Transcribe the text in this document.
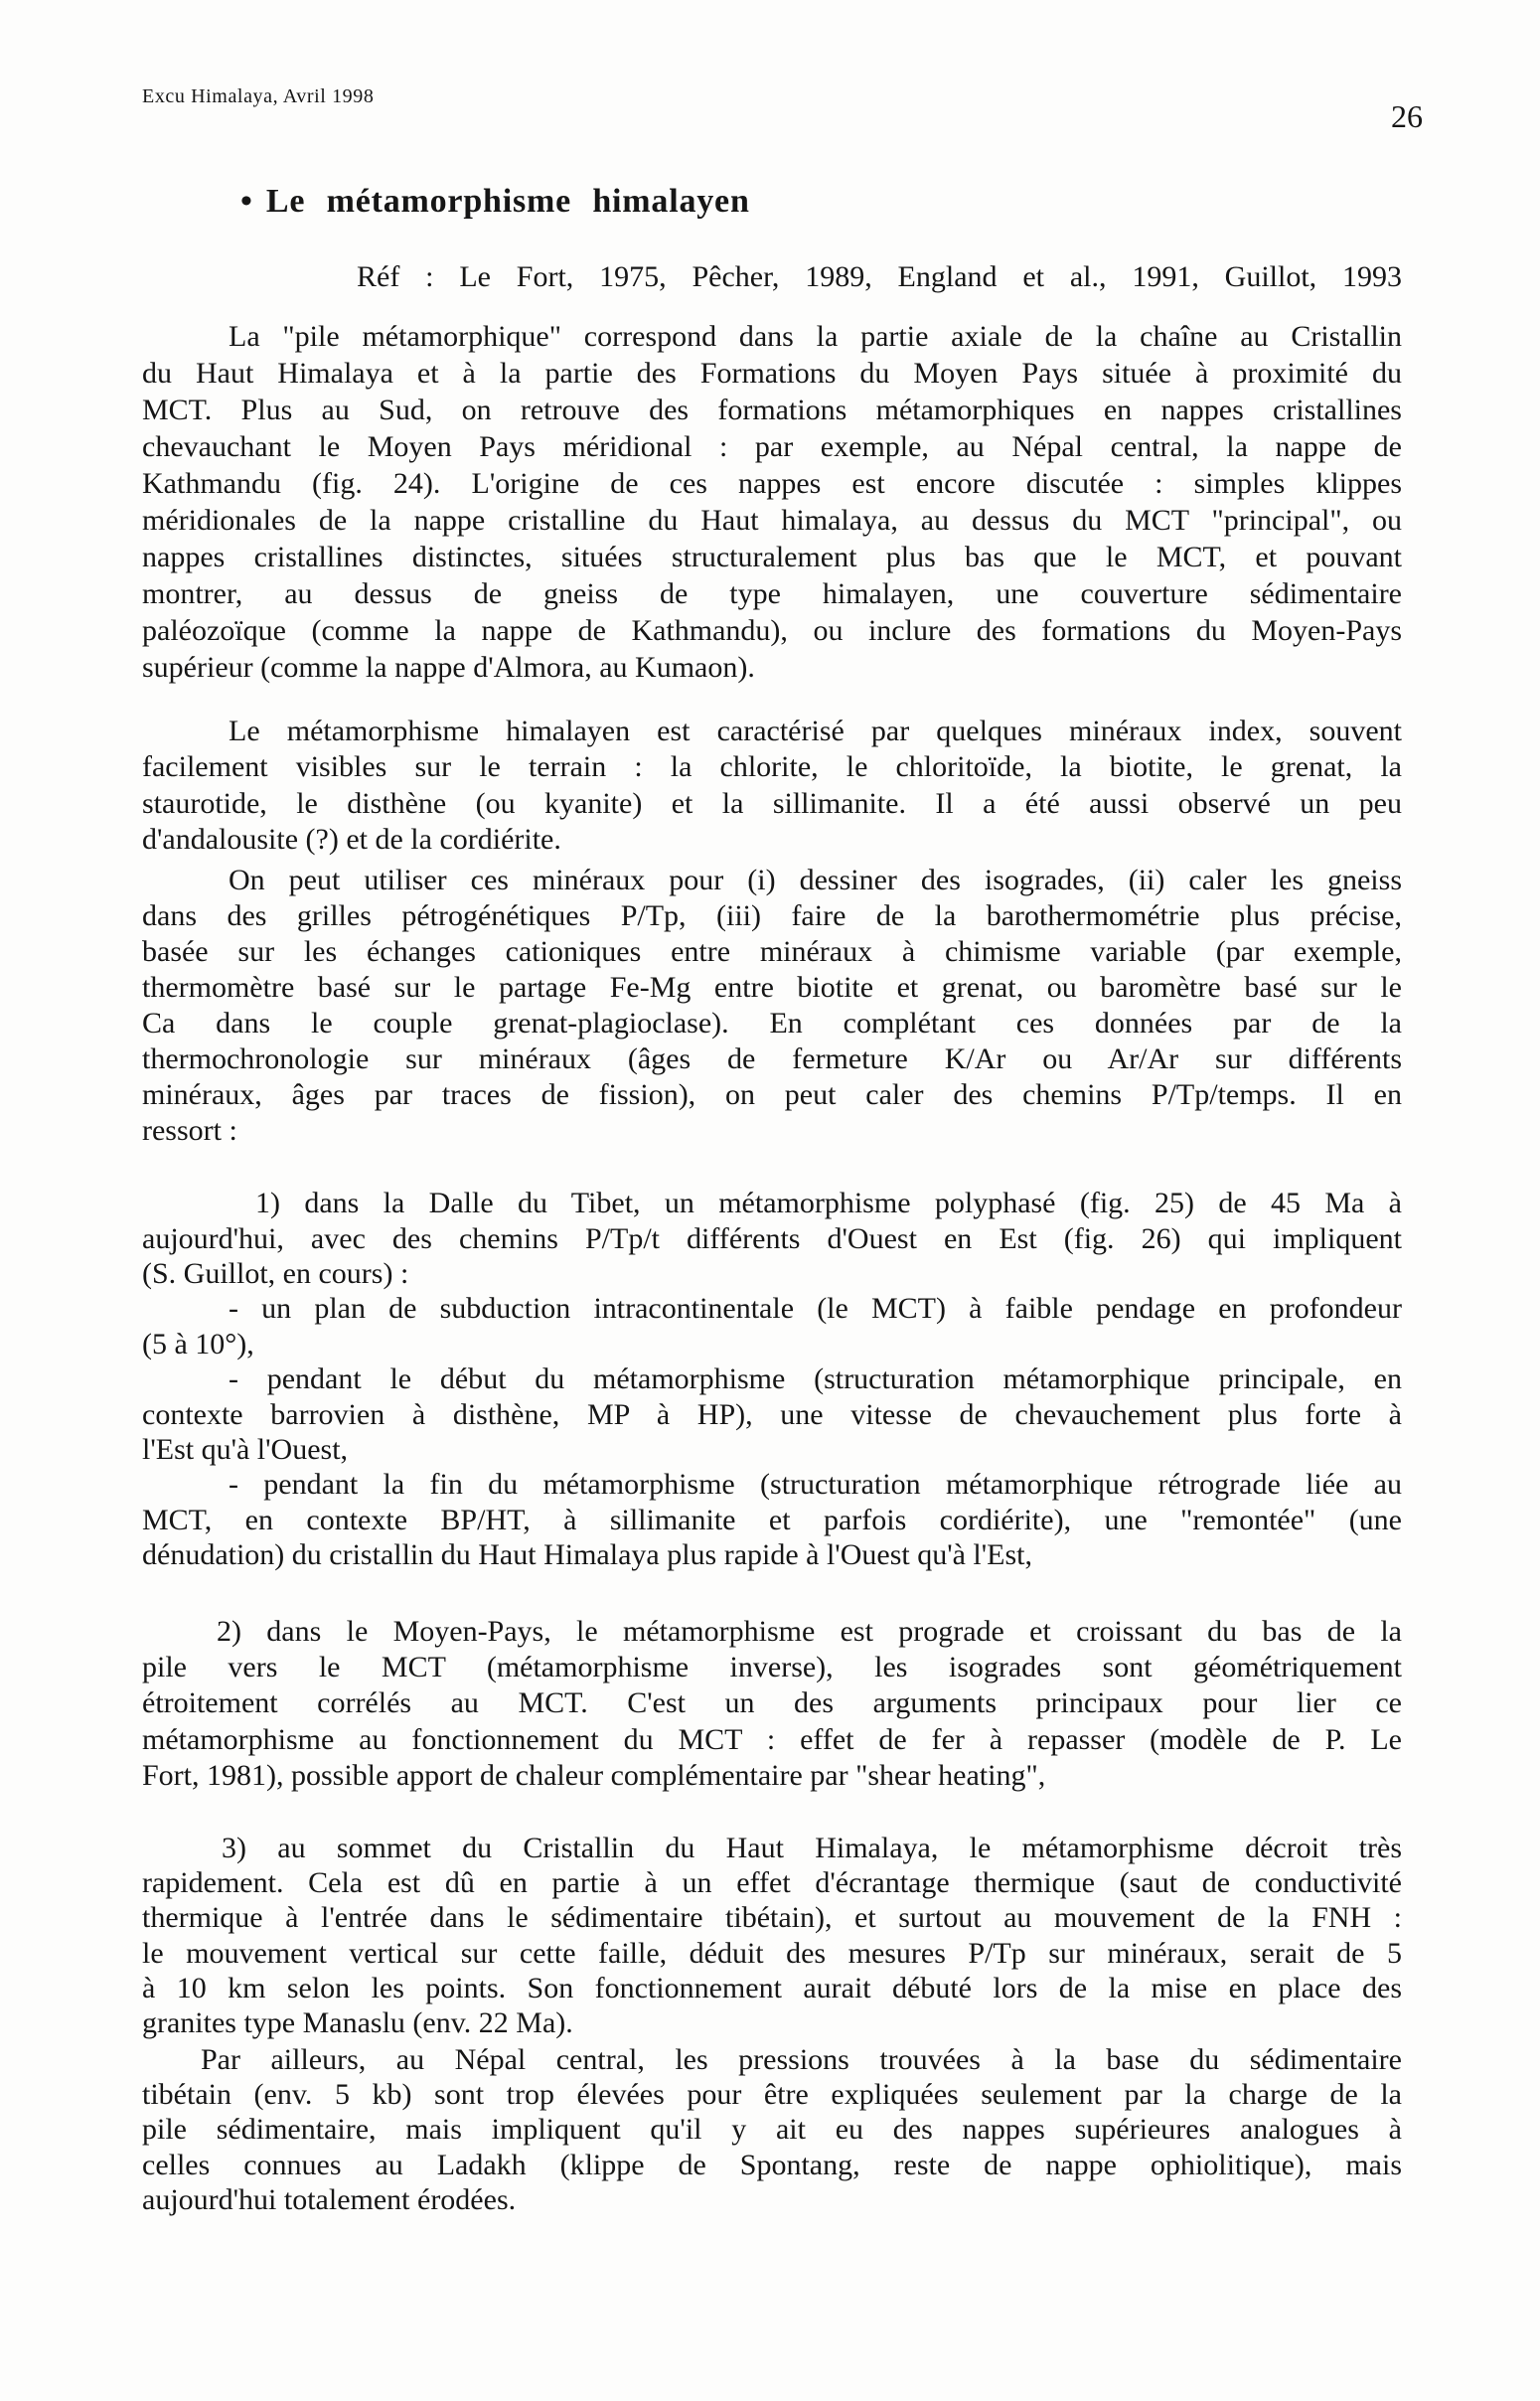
Excu Himalaya, Avril 1998
26
• Le métamorphisme himalayen
Réf : Le Fort, 1975, Pêcher, 1989, England et al., 1991, Guillot, 1993
La "pile métamorphique" correspond dans la partie axiale de la chaîne au Cristallin
du Haut Himalaya et à la partie des Formations du Moyen Pays située à proximité du
MCT. Plus au Sud, on retrouve des formations métamorphiques en nappes cristallines
chevauchant le Moyen Pays méridional : par exemple, au Népal central, la nappe de
Kathmandu (fig. 24). L'origine de ces nappes est encore discutée : simples klippes
méridionales de la nappe cristalline du Haut himalaya, au dessus du MCT "principal", ou
nappes cristallines distinctes, situées structuralement plus bas que le MCT, et pouvant
montrer, au dessus de gneiss de type himalayen, une couverture sédimentaire
paléozoïque (comme la nappe de Kathmandu), ou inclure des formations du Moyen-Pays
supérieur (comme la nappe d'Almora, au Kumaon).
Le métamorphisme himalayen est caractérisé par quelques minéraux index, souvent
facilement visibles sur le terrain : la chlorite, le chloritoïde, la biotite, le grenat, la
staurotide, le disthène (ou kyanite) et la sillimanite. Il a été aussi observé un peu
d'andalousite (?) et de la cordiérite.
On peut utiliser ces minéraux pour (i) dessiner des isogrades, (ii) caler les gneiss
dans des grilles pétrogénétiques P/Tp, (iii) faire de la barothermométrie plus précise,
basée sur les échanges cationiques entre minéraux à chimisme variable (par exemple,
thermomètre basé sur le partage Fe-Mg entre biotite et grenat, ou baromètre basé sur le
Ca dans le couple grenat-plagioclase). En complétant ces données par de la
thermochronologie sur minéraux (âges de fermeture K/Ar ou Ar/Ar sur différents
minéraux, âges par traces de fission), on peut caler des chemins P/Tp/temps. Il en
ressort :
1) dans la Dalle du Tibet, un métamorphisme polyphasé (fig. 25) de 45 Ma à
aujourd'hui, avec des chemins P/Tp/t différents d'Ouest en Est (fig. 26) qui impliquent
(S. Guillot, en cours) :
- un plan de subduction intracontinentale (le MCT) à faible pendage en profondeur
(5 à 10°),
- pendant le début du métamorphisme (structuration métamorphique principale, en
contexte barrovien à disthène, MP à HP), une vitesse de chevauchement plus forte à
l'Est qu'à l'Ouest,
- pendant la fin du métamorphisme (structuration métamorphique rétrograde liée au
MCT, en contexte BP/HT, à sillimanite et parfois cordiérite), une "remontée" (une
dénudation) du cristallin du Haut Himalaya plus rapide à l'Ouest qu'à l'Est,
2) dans le Moyen-Pays, le métamorphisme est prograde et croissant du bas de la
pile vers le MCT (métamorphisme inverse), les isogrades sont géométriquement
étroitement corrélés au MCT. C'est un des arguments principaux pour lier ce
métamorphisme au fonctionnement du MCT : effet de fer à repasser (modèle de P. Le
Fort, 1981), possible apport de chaleur complémentaire par "shear heating",
3) au sommet du Cristallin du Haut Himalaya, le métamorphisme décroit très
rapidement. Cela est dû en partie à un effet d'écrantage thermique (saut de conductivité
thermique à l'entrée dans le sédimentaire tibétain), et surtout au mouvement de la FNH :
le mouvement vertical sur cette faille, déduit des mesures P/Tp sur minéraux, serait de 5
à 10 km selon les points. Son fonctionnement aurait débuté lors de la mise en place des
granites type Manaslu (env. 22 Ma).
Par ailleurs, au Népal central, les pressions trouvées à la base du sédimentaire
tibétain (env. 5 kb) sont trop élevées pour être expliquées seulement par la charge de la
pile sédimentaire, mais impliquent qu'il y ait eu des nappes supérieures analogues à
celles connues au Ladakh (klippe de Spontang, reste de nappe ophiolitique), mais
aujourd'hui totalement érodées.
